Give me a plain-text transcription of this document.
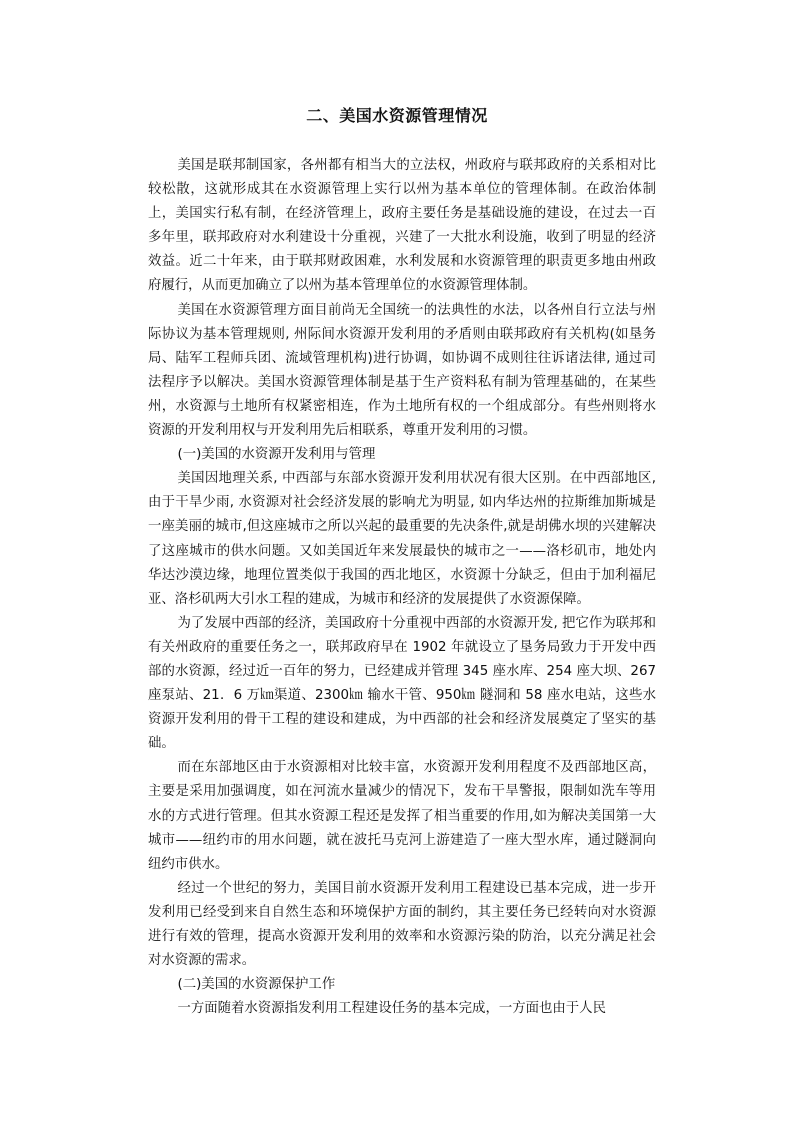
二、美国水资源管理情况

美国是联邦制国家，各州都有相当大的立法权，州政府与联邦政府的关系相对比较松散，这就形成其在水资源管理上实行以州为基本单位的管理体制。在政治体制上，美国实行私有制，在经济管理上，政府主要任务是基础设施的建设，在过去一百多年里，联邦政府对水利建设十分重视，兴建了一大批水利设施，收到了明显的经济效益。近二十年来，由于联邦财政困难，水利发展和水资源管理的职责更多地由州政府履行，从而更加确立了以州为基本管理单位的水资源管理体制。

美国在水资源管理方面目前尚无全国统一的法典性的水法，以各州自行立法与州际协议为基本管理规则, 州际间水资源开发利用的矛盾则由联邦政府有关机构(如垦务局、陆军工程师兵团、流域管理机构)进行协调，如协调不成则往往诉诸法律, 通过司法程序予以解决。美国水资源管理体制是基于生产资料私有制为管理基础的，在某些州，水资源与土地所有权紧密相连，作为土地所有权的一个组成部分。有些州则将水资源的开发利用权与开发利用先后相联系，尊重开发利用的习惯。

(一)美国的水资源开发利用与管理

美国因地理关系, 中西部与东部水资源开发利用状况有很大区别。在中西部地区, 由于干旱少雨, 水资源对社会经济发展的影响尤为明显, 如内华达州的拉斯维加斯城是一座美丽的城市,但这座城市之所以兴起的最重要的先决条件,就是胡佛水坝的兴建解决了这座城市的供水问题。又如美国近年来发展最快的城市之一——洛杉矶市，地处内华达沙漠边缘，地理位置类似于我国的西北地区，水资源十分缺乏，但由于加利福尼亚、洛杉矶两大引水工程的建成，为城市和经济的发展提供了水资源保障。

为了发展中西部的经济，美国政府十分重视中西部的水资源开发, 把它作为联邦和有关州政府的重要任务之一，联邦政府早在 1902 年就设立了垦务局致力于开发中西部的水资源，经过近一百年的努力，已经建成并管理 345 座水库、254 座大坝、267 座泵站、21．6 万㎞渠道、2300㎞ 输水干管、950㎞ 隧洞和 58 座水电站，这些水资源开发利用的骨干工程的建设和建成，为中西部的社会和经济发展奠定了坚实的基础。

而在东部地区由于水资源相对比较丰富，水资源开发利用程度不及西部地区高，主要是采用加强调度，如在河流水量减少的情况下，发布干旱警报，限制如洗车等用水的方式进行管理。但其水资源工程还是发挥了相当重要的作用,如为解决美国第一大城市——纽约市的用水问题，就在波托马克河上游建造了一座大型水库，通过隧洞向纽约市供水。

经过一个世纪的努力，美国目前水资源开发利用工程建设已基本完成，进一步开发利用已经受到来自自然生态和环境保护方面的制约，其主要任务已经转向对水资源进行有效的管理，提高水资源开发利用的效率和水资源污染的防治，以充分满足社会对水资源的需求。

(二)美国的水资源保护工作

一方面随着水资源指发利用工程建设任务的基本完成，一方面也由于人民
